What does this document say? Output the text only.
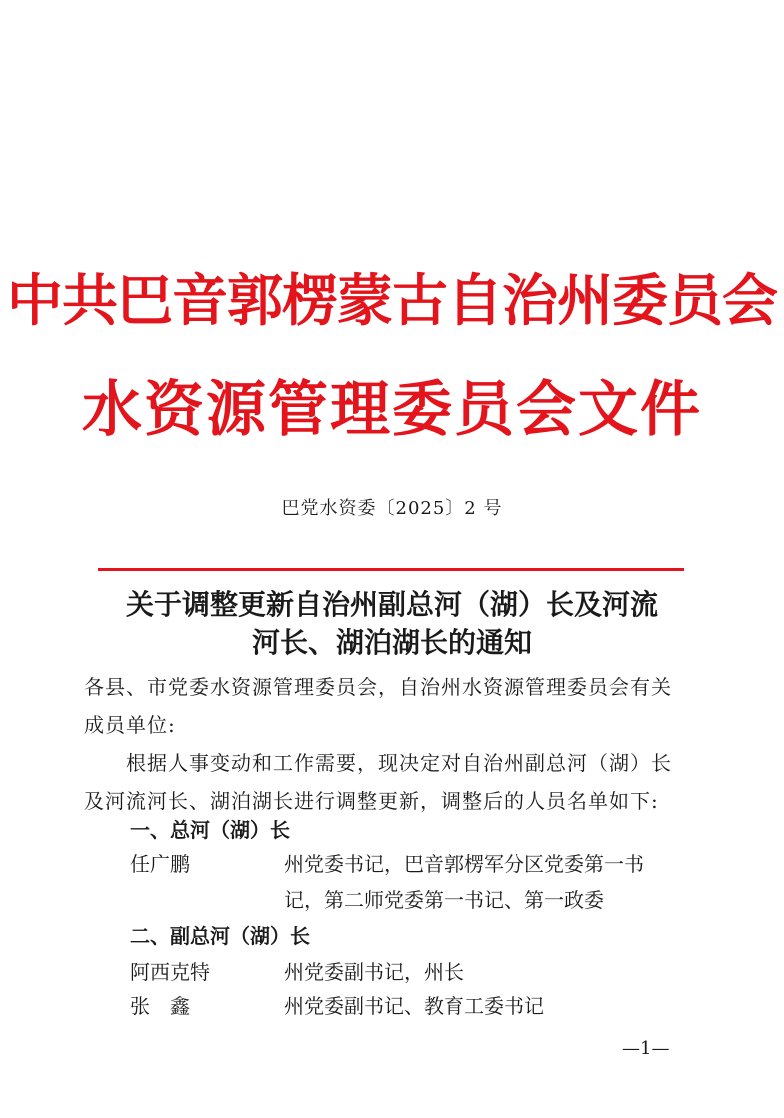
中共巴音郭楞蒙古自治州委员会
水资源管理委员会文件
巴党水资委〔2025〕2 号
关于调整更新自治州副总河（湖）长及河流
河长、湖泊湖长的通知
各县、市党委水资源管理委员会，自治州水资源管理委员会有关
成员单位:
根据人事变动和工作需要，现决定对自治州副总河（湖）长
及河流河长、湖泊湖长进行调整更新，调整后的人员名单如下:
一、总河（湖）长
任广鹏	州党委书记，巴音郭楞军分区党委第一书
记，第二师党委第一书记、第一政委
二、副总河（湖）长
阿西克特	州党委副书记，州长
张　鑫	州党委副书记、教育工委书记
—1—
